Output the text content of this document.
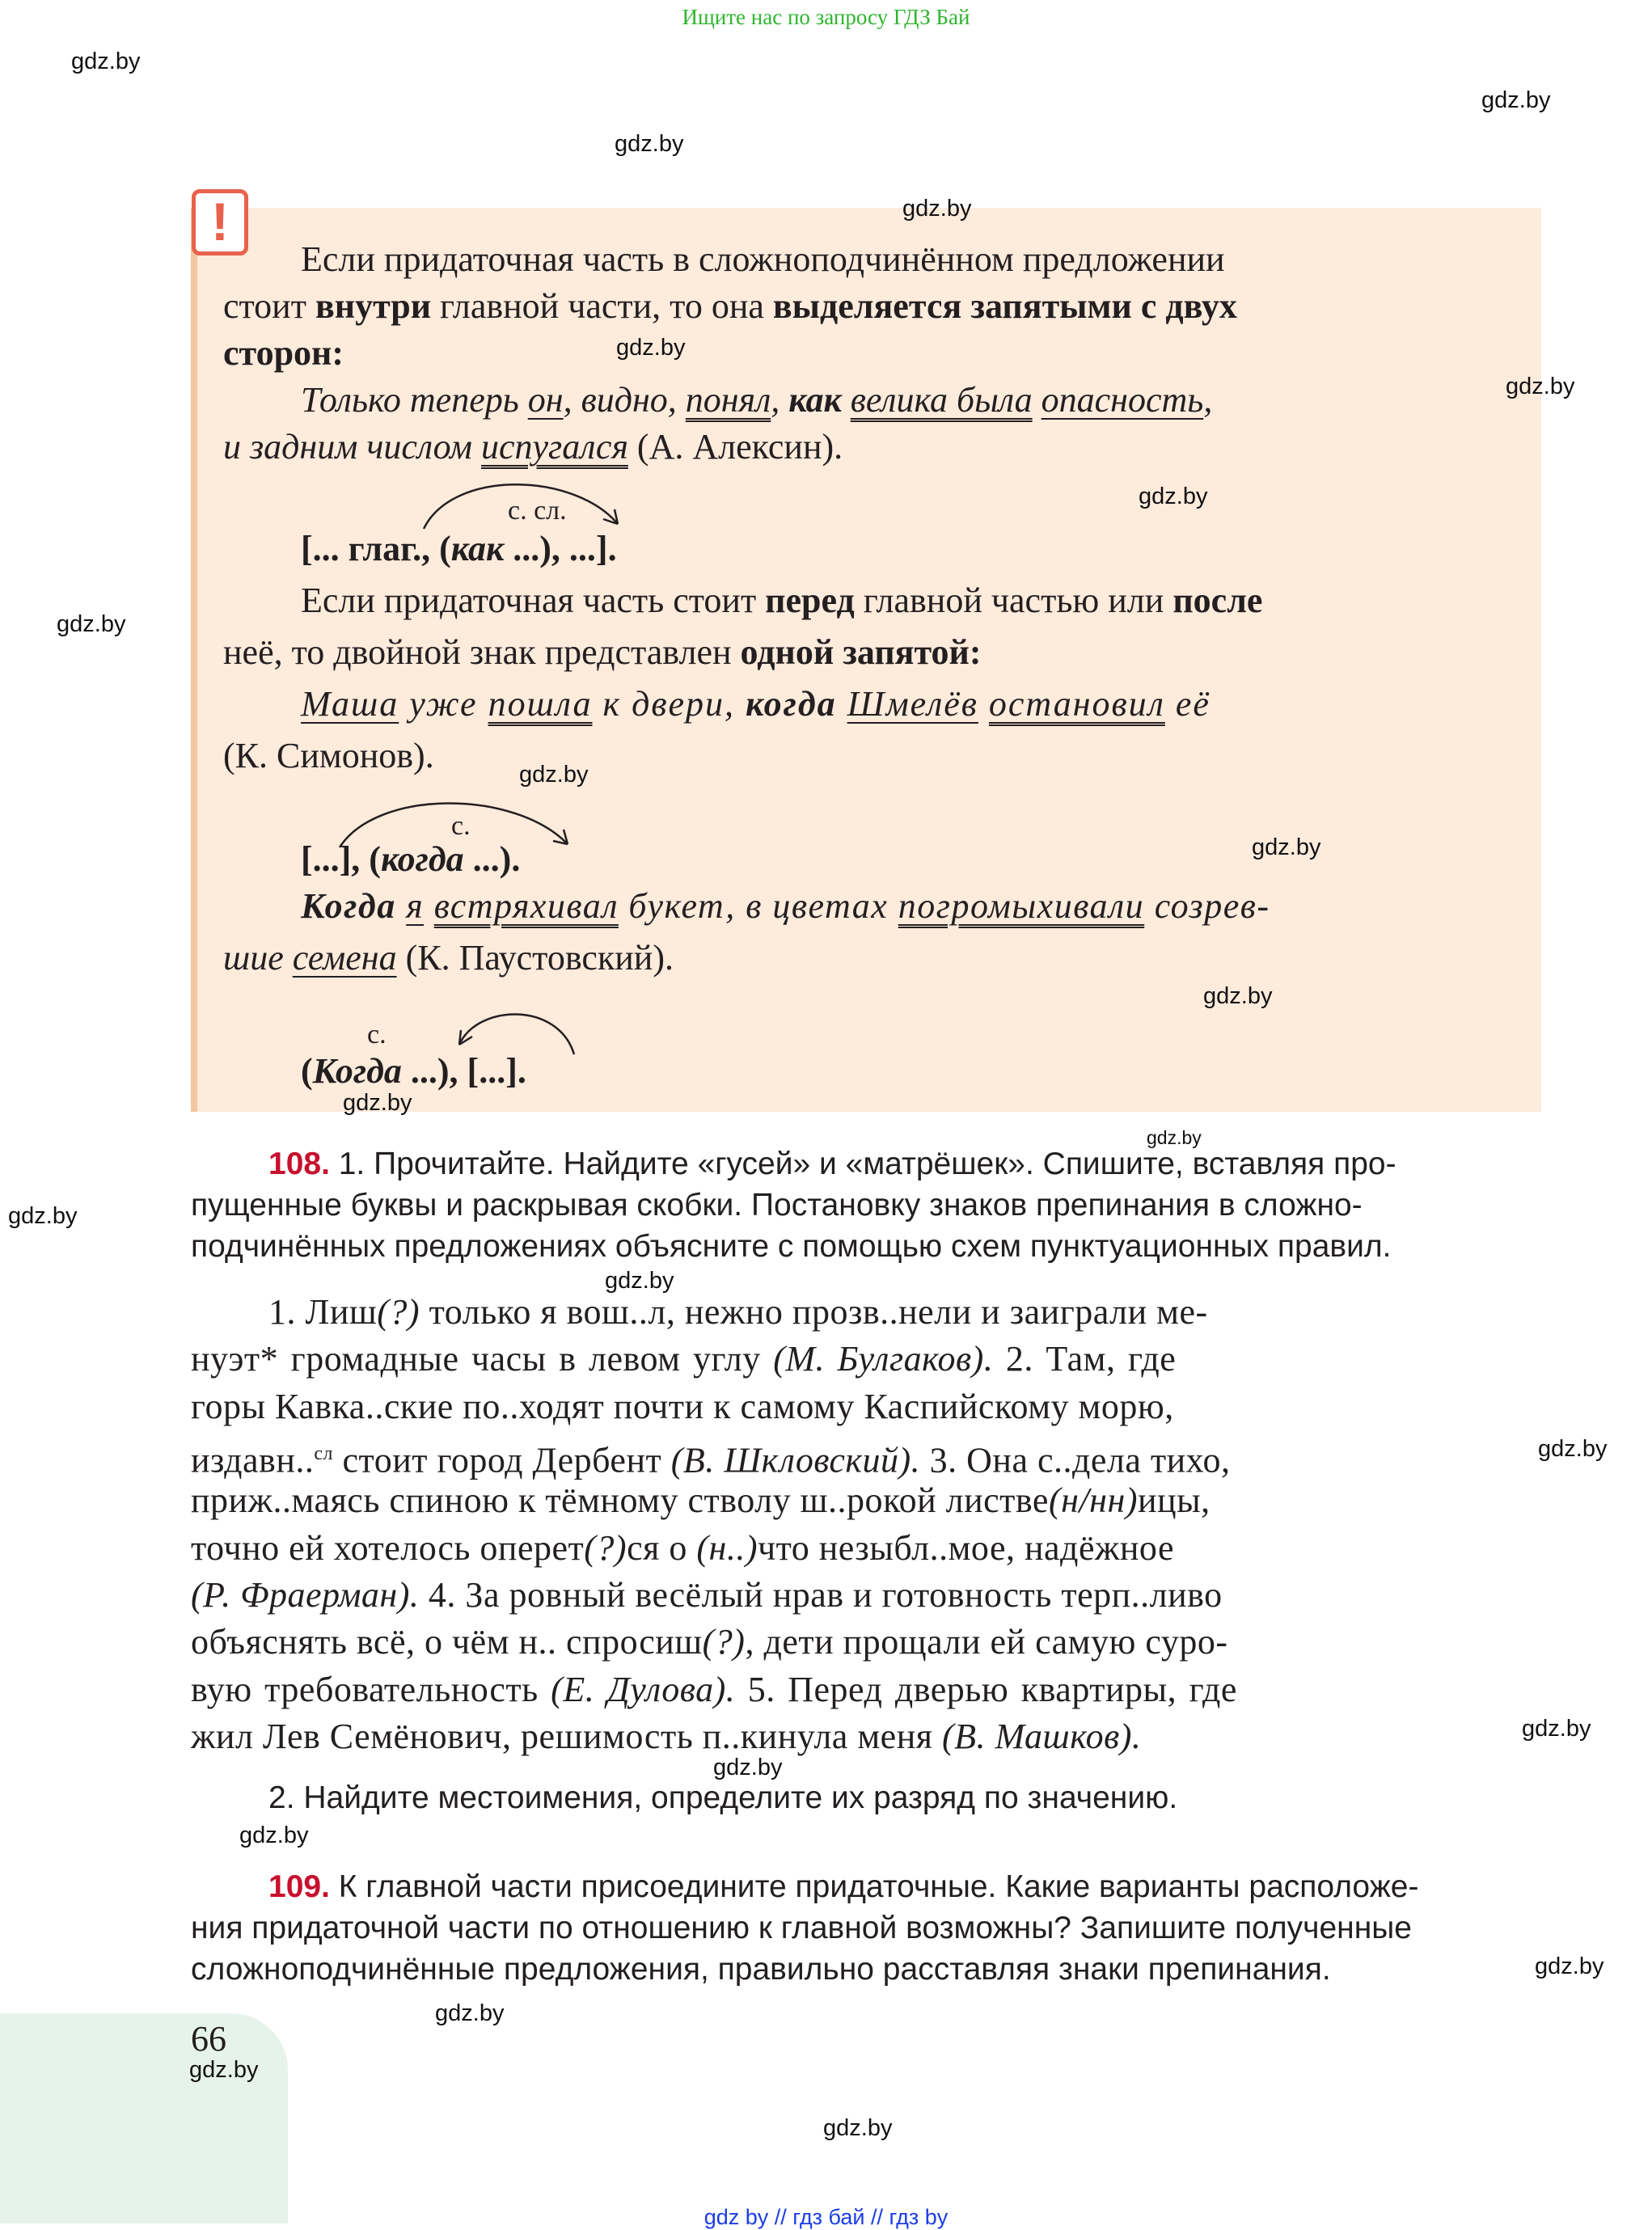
Ищите нас по запросу ГДЗ Бай
!
Если придаточная часть в сложноподчинённом предложении
стоит внутри главной части, то она выделяется запятыми с двух
сторон:
Только теперь он, видно, понял, как велика была опасность,
и задним числом испугался (А. Алексин).
с. сл.
[... глаг., (как ...), ...].
Если придаточная часть стоит перед главной частью или после
неё, то двойной знак представлен одной запятой:
Маша уже пошла к двери, когда Шмелёв остановил её
(К. Симонов).
с.
[...], (когда ...).
Когда я встряхивал букет, в цветах погромыхивали созрев-
шие семена (К. Паустовский).
с.
(Когда ...), [...].
108. 1. Прочитайте. Найдите «гусей» и «матрёшек». Спишите, вставляя про-
пущенные буквы и раскрывая скобки. Постановку знаков препинания в сложно-
подчинённых предложениях объясните с помощью схем пунктуационных правил.
1. Лиш(?) только я вош..л, нежно прозв..нели и заиграли ме-
нуэт* громадные часы в левом углу (М. Булгаков). 2. Там, где
горы Кавка..ские по..ходят почти к самому Каспийскому морю,
издавн..$^{сл}$ стоит город Дербент (В. Шкловский). 3. Она с..дела тихо,
приж..маясь спиною к тёмному стволу ш..рокой листве(н/нн)ицы,
точно ей хотелось оперет(?)ся о (н..)что незыбл..мое, надёжное
(Р. Фраерман). 4. За ровный весёлый нрав и готовность терп..ливо
объяснять всё, о чём н.. спросиш(?), дети прощали ей самую суро-
вую требовательность (Е. Дулова). 5. Перед дверью квартиры, где
жил Лев Семёнович, решимость п..кинула меня (В. Машков).
2. Найдите местоимения, определите их разряд по значению.
109. К главной части присоедините придаточные. Какие варианты расположе-
ния придаточной части по отношению к главной возможны? Запишите полученные
сложноподчинённые предложения, правильно расставляя знаки препинания.
66
gdz.by
gdz.by
gdz.by
gdz.by
gdz.by
gdz.by
gdz.by
gdz.by
gdz.by
gdz.by
gdz.by
gdz.by
gdz.by
gdz.by
gdz.by
gdz.by
gdz.by
gdz.by
gdz.by
gdz.by
gdz.by
gdz.by
gdz.by
gdz by // гдз бай // гдз by
